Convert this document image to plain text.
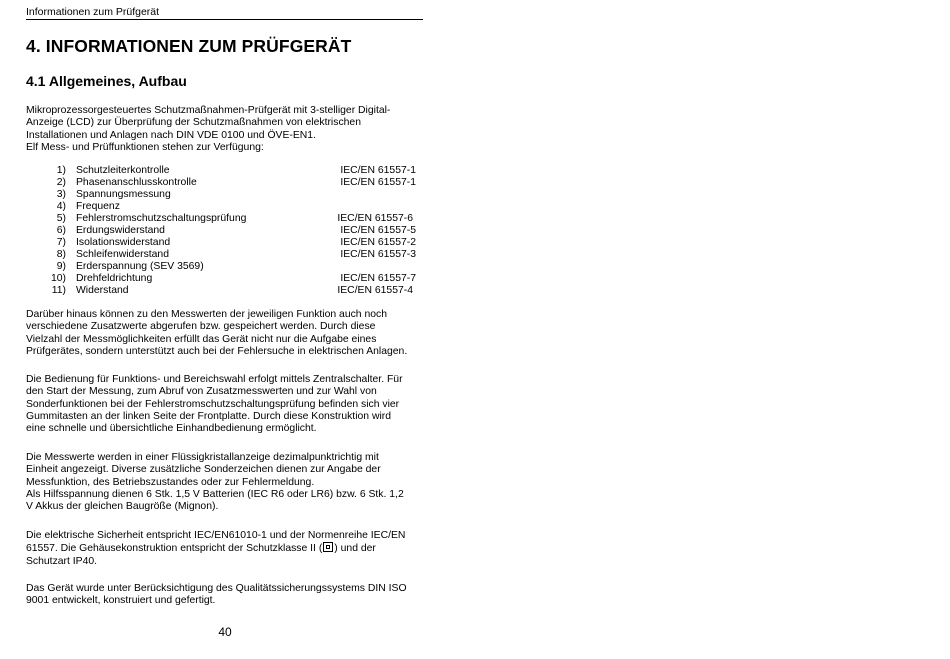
Informationen zum Prüfgerät
4. INFORMATIONEN ZUM PRÜFGERÄT
4.1 Allgemeines, Aufbau

Mikroprozessorgesteuertes Schutzmaßnahmen-Prüfgerät mit 3-stelliger Digital-

Anzeige (LCD) zur Überprüfung der Schutzmaßnahmen von elektrischen

Installationen und Anlagen nach DIN VDE 0100 und ÖVE-EN1.

Elf Mess- und Prüffunktionen stehen zur Verfügung:

1) Schutzleiterkontrolle	IEC/EN 61557-1
2) Phasenanschlusskontrolle	IEC/EN 61557-1
3) Spannungsmessung
4) Frequenz
5) Fehlerstromschutzschaltungsprüfung	IEC/EN 61557-6
6) Erdungswiderstand	IEC/EN 61557-5
7) Isolationswiderstand	IEC/EN 61557-2
8) Schleifenwiderstand	IEC/EN 61557-3
9) Erderspannung (SEV 3569)
10) Drehfeldrichtung	IEC/EN 61557-7
11) Widerstand	IEC/EN 61557-4

Darüber hinaus können zu den Messwerten der jeweiligen Funktion auch noch

verschiedene Zusatzwerte abgerufen bzw. gespeichert werden. Durch diese

Vielzahl der Messmöglichkeiten erfüllt das Gerät nicht nur die Aufgabe eines

Prüfgerätes, sondern unterstützt auch bei der Fehlersuche in elektrischen Anlagen.

Die Bedienung für Funktions- und Bereichswahl erfolgt mittels Zentralschalter. Für

den Start der Messung, zum Abruf von Zusatzmesswerten und zur Wahl von

Sonderfunktionen bei der Fehlerstromschutzschaltungsprüfung befinden sich vier

Gummitasten an der linken Seite der Frontplatte. Durch diese Konstruktion wird

eine schnelle und übersichtliche Einhandbedienung ermöglicht.

Die Messwerte werden in einer Flüssigkristallanzeige dezimalpunktrichtig mit

Einheit angezeigt. Diverse zusätzliche Sonderzeichen dienen zur Angabe der

Messfunktion, des Betriebszustandes oder zur Fehlermeldung.

Als Hilfsspannung dienen 6 Stk. 1,5 V Batterien (IEC R6 oder LR6) bzw. 6 Stk. 1,2

V Akkus der gleichen Baugröße (Mignon).

Die elektrische Sicherheit entspricht IEC/EN61010-1 und der Normenreihe IEC/EN

61557. Die Gehäusekonstruktion entspricht der Schutzklasse II ( ) und der

Schutzart IP40.

Das Gerät wurde unter Berücksichtigung des Qualitätssicherungssystems DIN ISO

9001 entwickelt, konstruiert und gefertigt.

40
